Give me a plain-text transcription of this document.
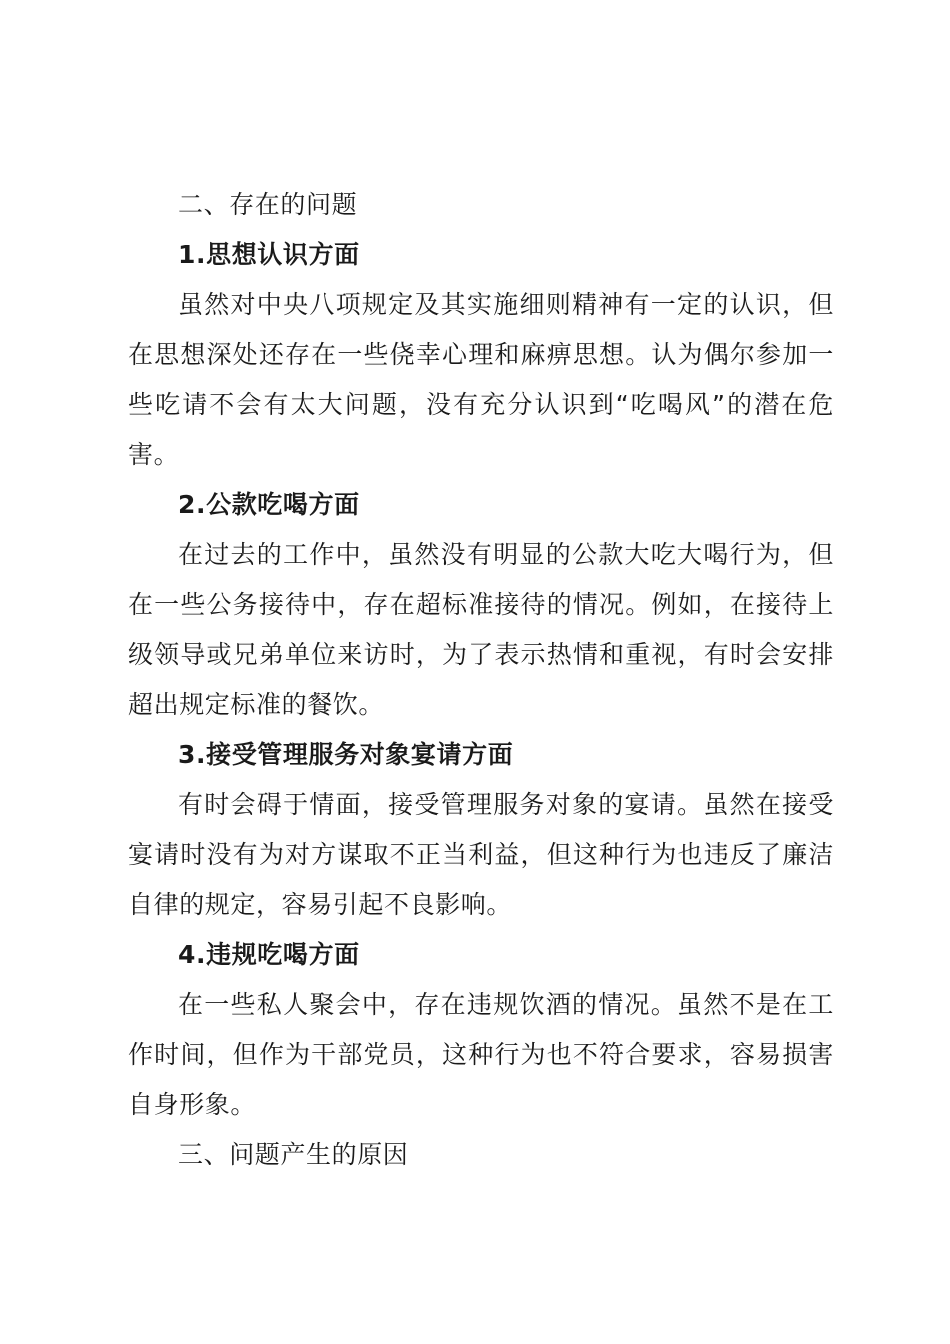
二、存在的问题

1.思想认识方面

虽然对中央八项规定及其实施细则精神有一定的认识，但在思想深处还存在一些侥幸心理和麻痹思想。认为偶尔参加一些吃请不会有太大问题，没有充分认识到“吃喝风”的潜在危害。

2.公款吃喝方面

在过去的工作中，虽然没有明显的公款大吃大喝行为，但在一些公务接待中，存在超标准接待的情况。例如，在接待上级领导或兄弟单位来访时，为了表示热情和重视，有时会安排超出规定标准的餐饮。

3.接受管理服务对象宴请方面

有时会碍于情面，接受管理服务对象的宴请。虽然在接受宴请时没有为对方谋取不正当利益，但这种行为也违反了廉洁自律的规定，容易引起不良影响。

4.违规吃喝方面

在一些私人聚会中，存在违规饮酒的情况。虽然不是在工作时间，但作为干部党员，这种行为也不符合要求，容易损害自身形象。

三、问题产生的原因
